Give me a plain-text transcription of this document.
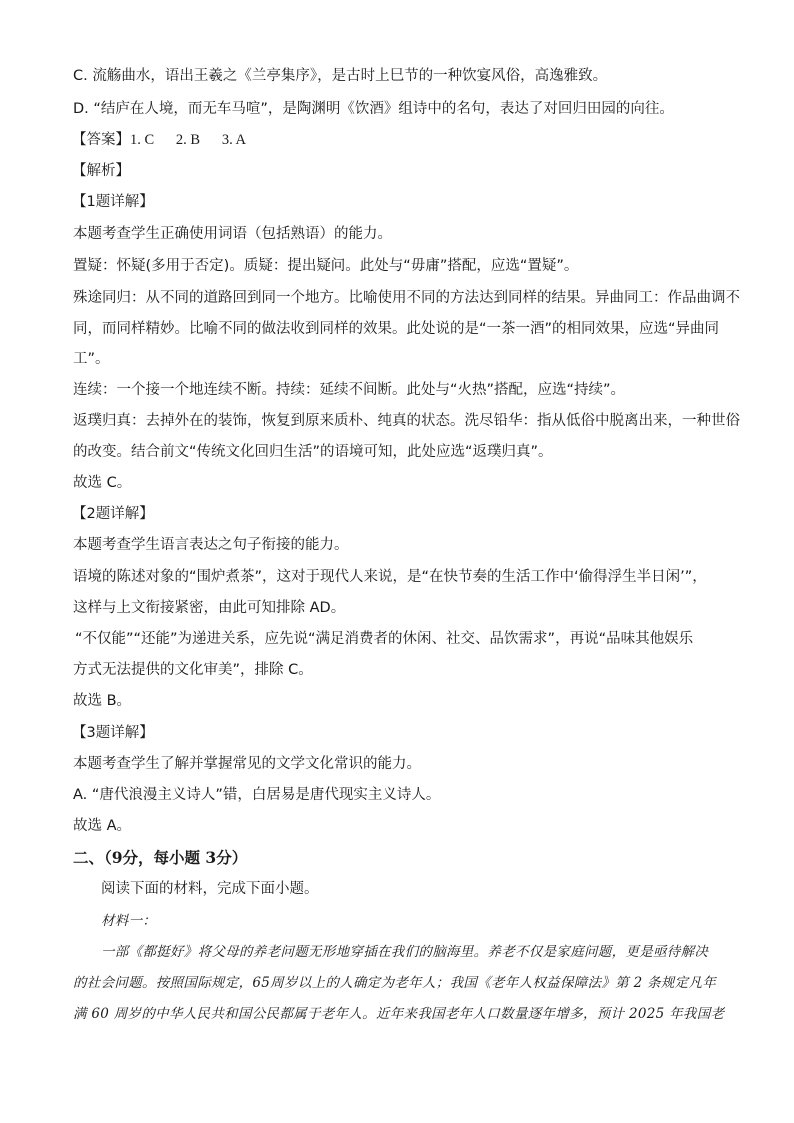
C. 流觞曲水，语出王羲之《兰亭集序》，是古时上巳节的一种饮宴风俗，高逸雅致。
D. “结庐在人境，而无车马喧”，是陶渊明《饮酒》组诗中的名句，表达了对回归田园的向往。
【答案】1. C      2. B      3. A
【解析】
【1题详解】
本题考查学生正确使用词语（包括熟语）的能力。
置疑：怀疑(多用于否定)。质疑：提出疑问。此处与“毋庸”搭配，应选“置疑”。
殊途同归：从不同的道路回到同一个地方。比喻使用不同的方法达到同样的结果。异曲同工：作品曲调不
同，而同样精妙。比喻不同的做法收到同样的效果。此处说的是“一茶一酒”的相同效果，应选“异曲同
工”。
连续：一个接一个地连续不断。持续：延续不间断。此处与“火热”搭配，应选“持续”。
返璞归真：去掉外在的装饰，恢复到原来质朴、纯真的状态。洗尽铅华：指从低俗中脱离出来，一种世俗
的改变。结合前文“传统文化回归生活”的语境可知，此处应选“返璞归真”。
故选 C。
【2题详解】
本题考查学生语言表达之句子衔接的能力。
语境的陈述对象的“围炉煮茶”，这对于现代人来说，是“在快节奏的生活工作中‘偷得浮生半日闲’”，
这样与上文衔接紧密，由此可知排除 AD。
“不仅能”“还能”为递进关系，应先说“满足消费者的休闲、社交、品饮需求”，再说“品味其他娱乐
方式无法提供的文化审美”，排除 C。
故选 B。
【3题详解】
本题考查学生了解并掌握常见的文学文化常识的能力。
A. “唐代浪漫主义诗人”错，白居易是唐代现实主义诗人。
故选 A。
二、（9分，每小题 3分）
阅读下面的材料，完成下面小题。
材料一：
一部《都挺好》将父母的养老问题无形地穿插在我们的脑海里。养老不仅是家庭问题，更是亟待解决
的社会问题。按照国际规定，65周岁以上的人确定为老年人；我国《老年人权益保障法》第 2 条规定凡年
满 60 周岁的中华人民共和国公民都属于老年人。近年来我国老年人口数量逐年增多，预计 2025 年我国老
